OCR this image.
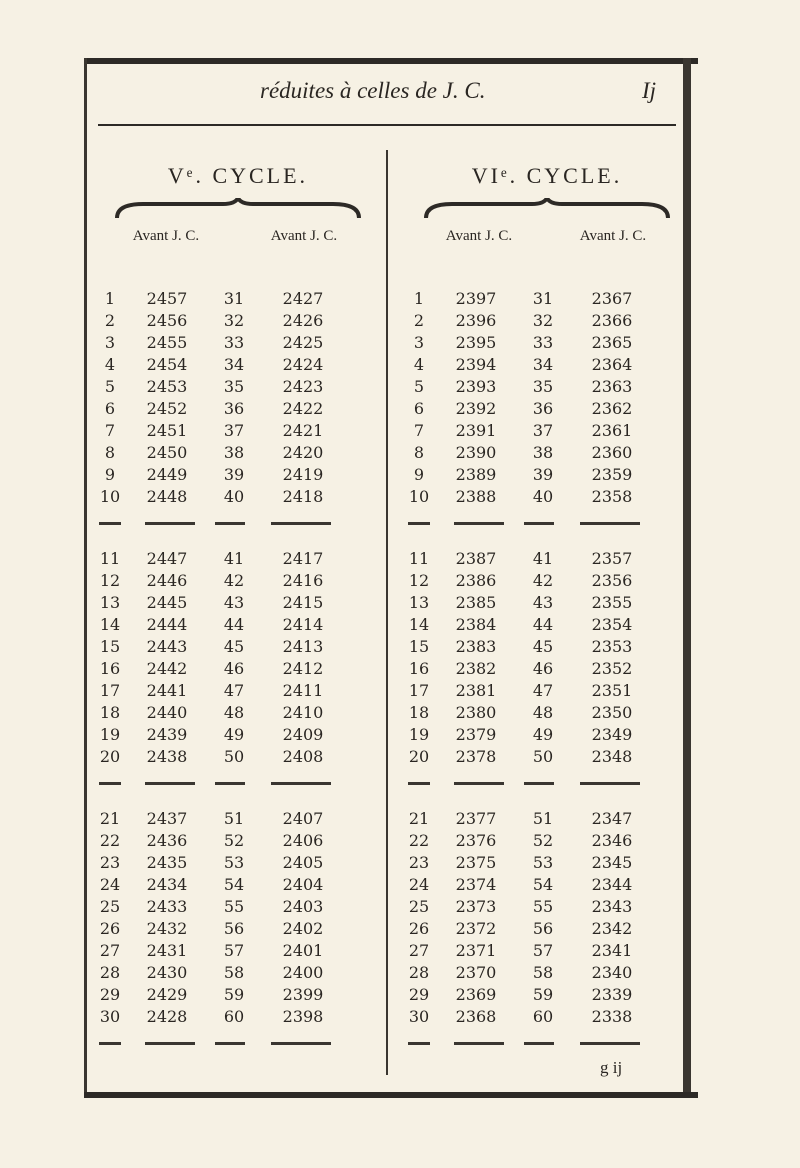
réduites à celles de J. C.	Ij
Vᵉ. CYCLE.
Avant J. C.	Avant J. C.
1	2457	31	2427
2	2456	32	2426
3	2455	33	2425
4	2454	34	2424
5	2453	35	2423
6	2452	36	2422
7	2451	37	2421
8	2450	38	2420
9	2449	39	2419
10	2448	40	2418
11	2447	41	2417
12	2446	42	2416
13	2445	43	2415
14	2444	44	2414
15	2443	45	2413
16	2442	46	2412
17	2441	47	2411
18	2440	48	2410
19	2439	49	2409
20	2438	50	2408
21	2437	51	2407
22	2436	52	2406
23	2435	53	2405
24	2434	54	2404
25	2433	55	2403
26	2432	56	2402
27	2431	57	2401
28	2430	58	2400
29	2429	59	2399
30	2428	60	2398
VIᵉ. CYCLE.
Avant J. C.	Avant J. C.
1	2397	31	2367
2	2396	32	2366
3	2395	33	2365
4	2394	34	2364
5	2393	35	2363
6	2392	36	2362
7	2391	37	2361
8	2390	38	2360
9	2389	39	2359
10	2388	40	2358
11	2387	41	2357
12	2386	42	2356
13	2385	43	2355
14	2384	44	2354
15	2383	45	2353
16	2382	46	2352
17	2381	47	2351
18	2380	48	2350
19	2379	49	2349
20	2378	50	2348
21	2377	51	2347
22	2376	52	2346
23	2375	53	2345
24	2374	54	2344
25	2373	55	2343
26	2372	56	2342
27	2371	57	2341
28	2370	58	2340
29	2369	59	2339
30	2368	60	2338
g ij
